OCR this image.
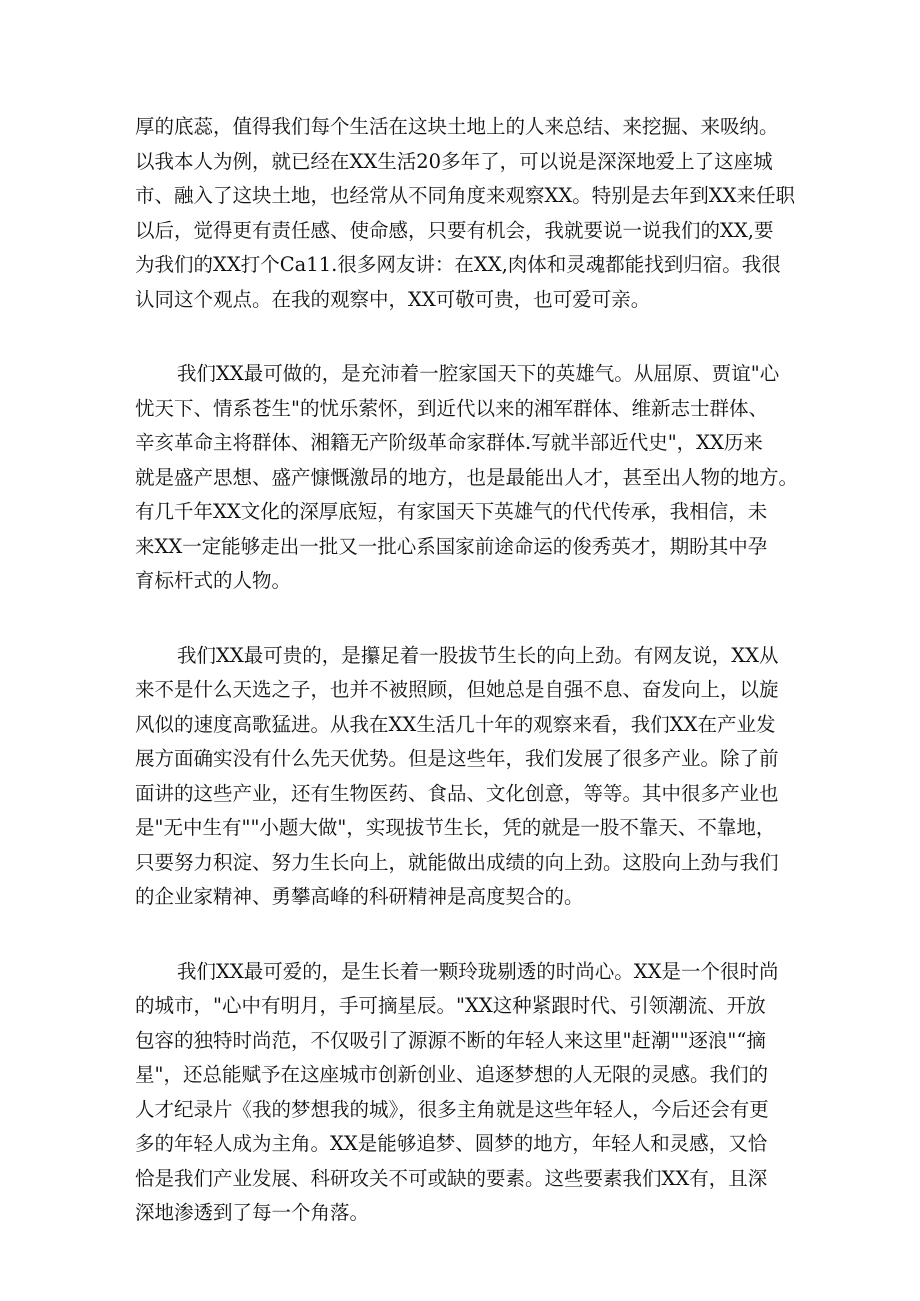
厚的底蕊，值得我们每个生活在这块土地上的人来总结、来挖掘、来吸纳。
以我本人为例，就已经在XX生活20多年了，可以说是深深地爱上了这座城
市、融入了这块土地，也经常从不同角度来观察XX。特别是去年到XX来任职
以后，觉得更有责任感、使命感，只要有机会，我就要说一说我们的XX,要
为我们的XX打个Ca11.很多网友讲：在XX,肉体和灵魂都能找到归宿。我很
认同这个观点。在我的观察中，XX可敬可贵，也可爱可亲。
我们XX最可做的，是充沛着一腔家国天下的英雄气。从屈原、贾谊"心
忧天下、情系苍生"的忧乐萦怀，到近代以来的湘军群体、维新志士群体、
辛亥革命主将群体、湘籍无产阶级革命家群体.写就半部近代史"，XX历来
就是盛产思想、盛产慷慨激昂的地方，也是最能出人才，甚至出人物的地方。
有几千年XX文化的深厚底短，有家国天下英雄气的代代传承，我相信，未
来XX一定能够走出一批又一批心系国家前途命运的俊秀英才，期盼其中孕
育标杆式的人物。
我们XX最可贵的，是攥足着一股拔节生长的向上劲。有网友说，XX从
来不是什么天选之子，也并不被照顾，但她总是自强不息、奋发向上，以旋
风似的速度高歌猛进。从我在XX生活几十年的观察来看，我们XX在产业发
展方面确实没有什么先天优势。但是这些年，我们发展了很多产业。除了前
面讲的这些产业，还有生物医药、食品、文化创意，等等。其中很多产业也
是"无中生有""小题大做"，实现拔节生长，凭的就是一股不靠天、不靠地，
只要努力积淀、努力生长向上，就能做出成绩的向上劲。这股向上劲与我们
的企业家精神、勇攀高峰的科研精神是高度契合的。
我们XX最可爱的，是生长着一颗玲珑剔透的时尚心。XX是一个很时尚
的城市，"心中有明月，手可摘星辰。"XX这种紧跟时代、引领潮流、开放
包容的独特时尚范，不仅吸引了源源不断的年轻人来这里"赶潮""逐浪"“摘
星"，还总能赋予在这座城市创新创业、追逐梦想的人无限的灵感。我们的
人才纪录片《我的梦想我的城》，很多主角就是这些年轻人，今后还会有更
多的年轻人成为主角。XX是能够追梦、圆梦的地方，年轻人和灵感，又恰
恰是我们产业发展、科研攻关不可或缺的要素。这些要素我们XX有，且深
深地渗透到了每一个角落。
